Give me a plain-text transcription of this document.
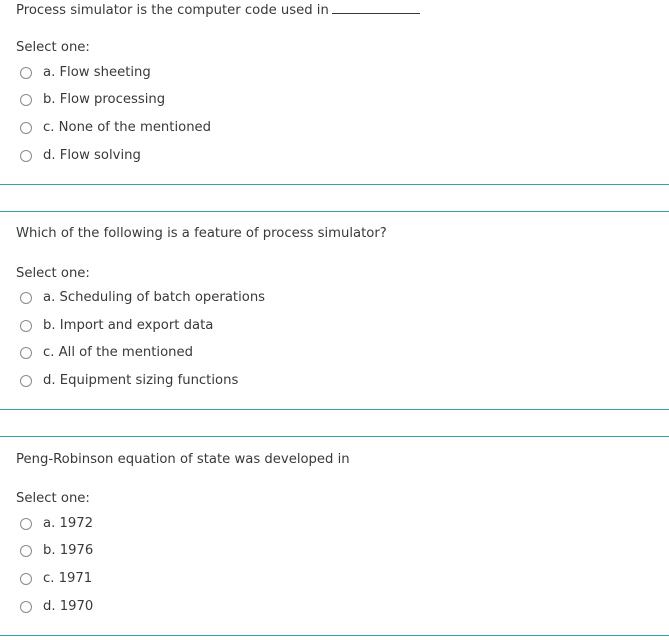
Process simulator is the computer code used in
Select one:
a. Flow sheeting
b. Flow processing
c. None of the mentioned
d. Flow solving
Which of the following is a feature of process simulator?
Select one:
a. Scheduling of batch operations
b. Import and export data
c. All of the mentioned
d. Equipment sizing functions
Peng-Robinson equation of state was developed in
Select one:
a. 1972
b. 1976
c. 1971
d. 1970
